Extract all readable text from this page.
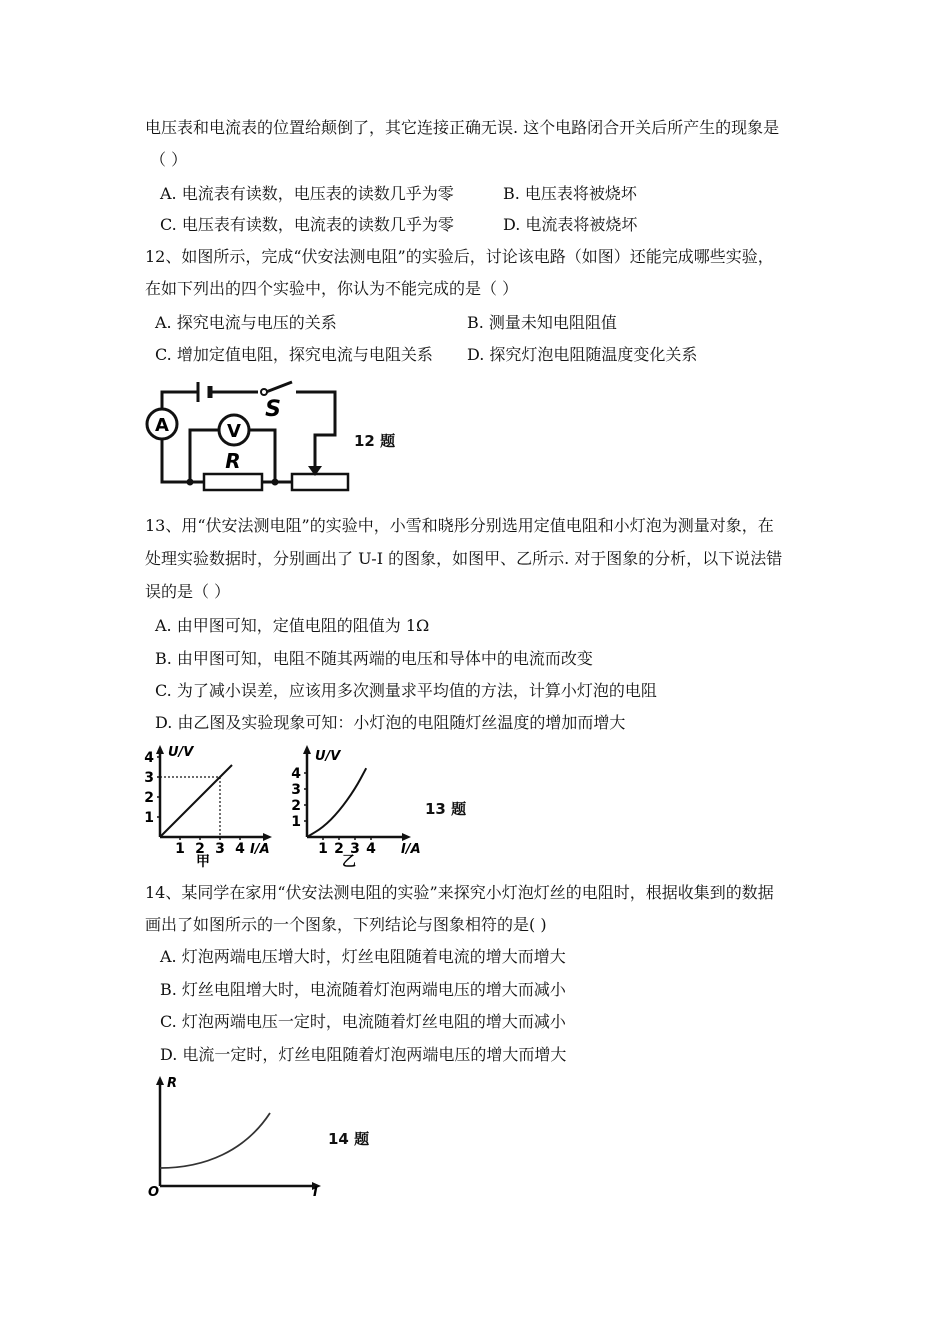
电压表和电流表的位置给颠倒了，其它连接正确无误. 这个电路闭合开关后所产生的现象是
（ ）
A. 电流表有读数，电压表的读数几乎为零	B. 电压表将被烧坏
C. 电压表有读数，电流表的读数几乎为零	D. 电流表将被烧坏
12、如图所示，完成“伏安法测电阻”的实验后，讨论该电路（如图）还能完成哪些实验，
在如下列出的四个实验中，你认为不能完成的是（ ）
A. 探究电流与电压的关系	B. 测量未知电阻阻值
C. 增加定值电阻，探究电流与电阻关系 D. 探究灯泡电阻随温度变化关系
A	V
S
R
12 题
13、用“伏安法测电阻”的实验中，小雪和晓彤分别选用定值电阻和小灯泡为测量对象，在
处理实验数据时，分别画出了 U-I 的图象，如图甲、乙所示. 对于图象的分析，以下说法错
误的是（ ）
A. 由甲图可知，定值电阻的阻值为 1Ω
B. 由甲图可知，电阻不随其两端的电压和导体中的电流而改变
C. 为了减小误差，应该用多次测量求平均值的方法，计算小灯泡的电阻
D. 由乙图及实验现象可知：小灯泡的电阻随灯丝温度的增加而增大
1
2
3
4
1 2 3 4
U/V
I/A
甲
1
2
3
4
1 2 3 4
U/V
I/A
乙
13 题
14、某同学在家用“伏安法测电阻的实验”来探究小灯泡灯丝的电阻时，根据收集到的数据
画出了如图所示的一个图象，下列结论与图象相符的是( )
A. 灯泡两端电压增大时，灯丝电阻随着电流的增大而增大
B. 灯丝电阻增大时，电流随着灯泡两端电压的增大而减小
C. 灯泡两端电压一定时，电流随着灯丝电阻的增大而减小
D. 电流一定时，灯丝电阻随着灯泡两端电压的增大而增大
R
I
O
14 题
